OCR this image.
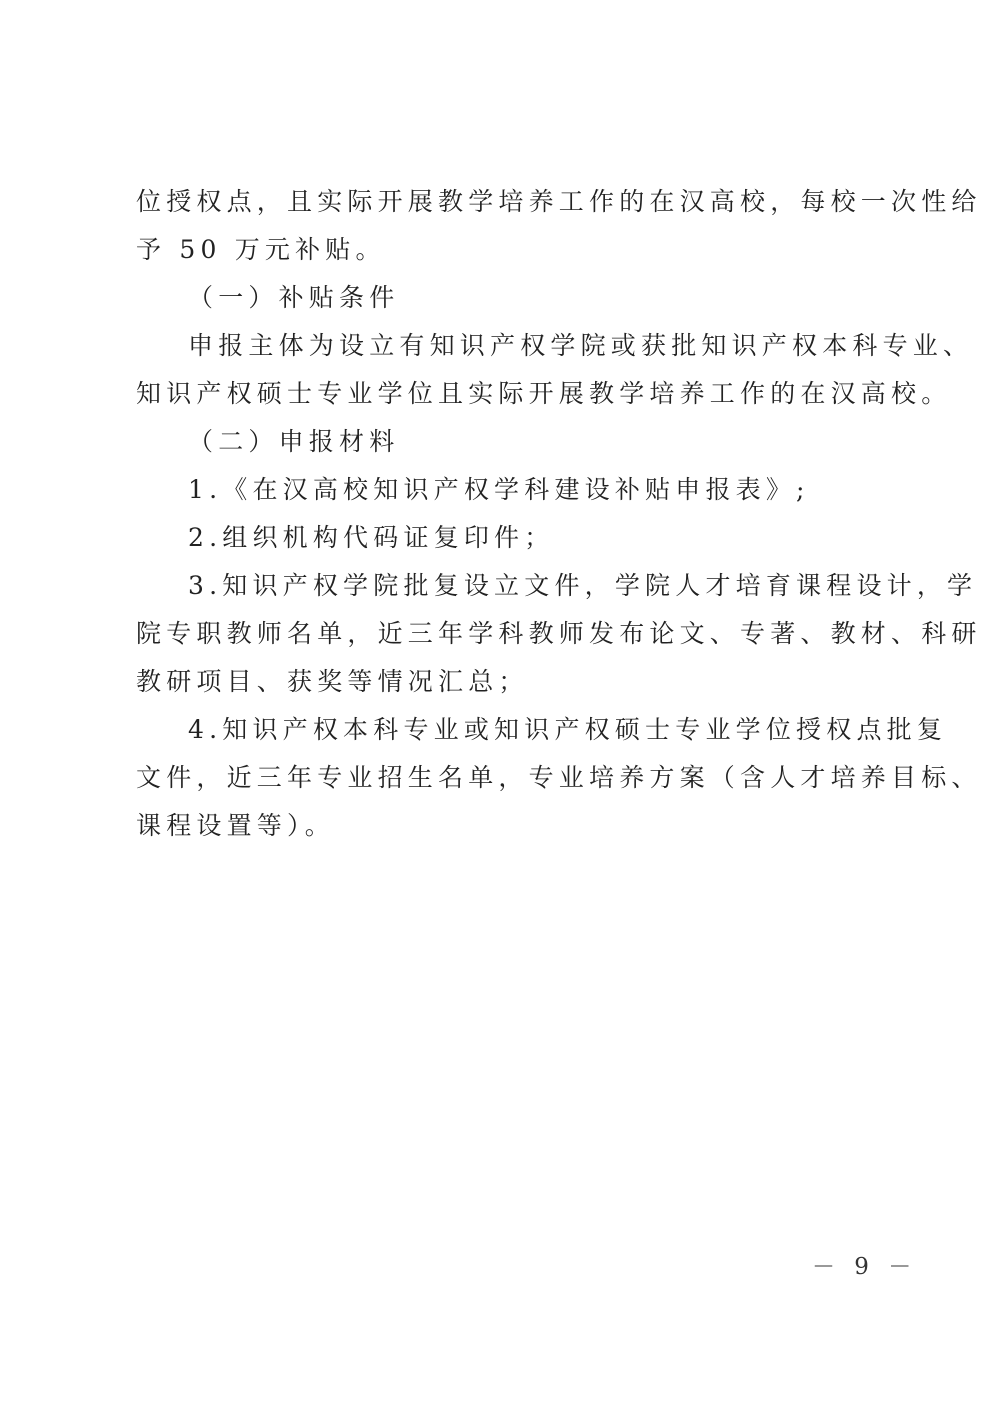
位授权点，且实际开展教学培养工作的在汉高校，每校一次性给
予 50 万元补贴。
（一）补贴条件
申报主体为设立有知识产权学院或获批知识产权本科专业、
知识产权硕士专业学位且实际开展教学培养工作的在汉高校。
（二）申报材料
1.《在汉高校知识产权学科建设补贴申报表》;
2.组织机构代码证复印件；
3.知识产权学院批复设立文件，学院人才培育课程设计，学
院专职教师名单，近三年学科教师发布论文、专著、教材、科研
教研项目、获奖等情况汇总；
4.知识产权本科专业或知识产权硕士专业学位授权点批复
文件，近三年专业招生名单，专业培养方案（含人才培养目标、
课程设置等）。
－ 9 －
